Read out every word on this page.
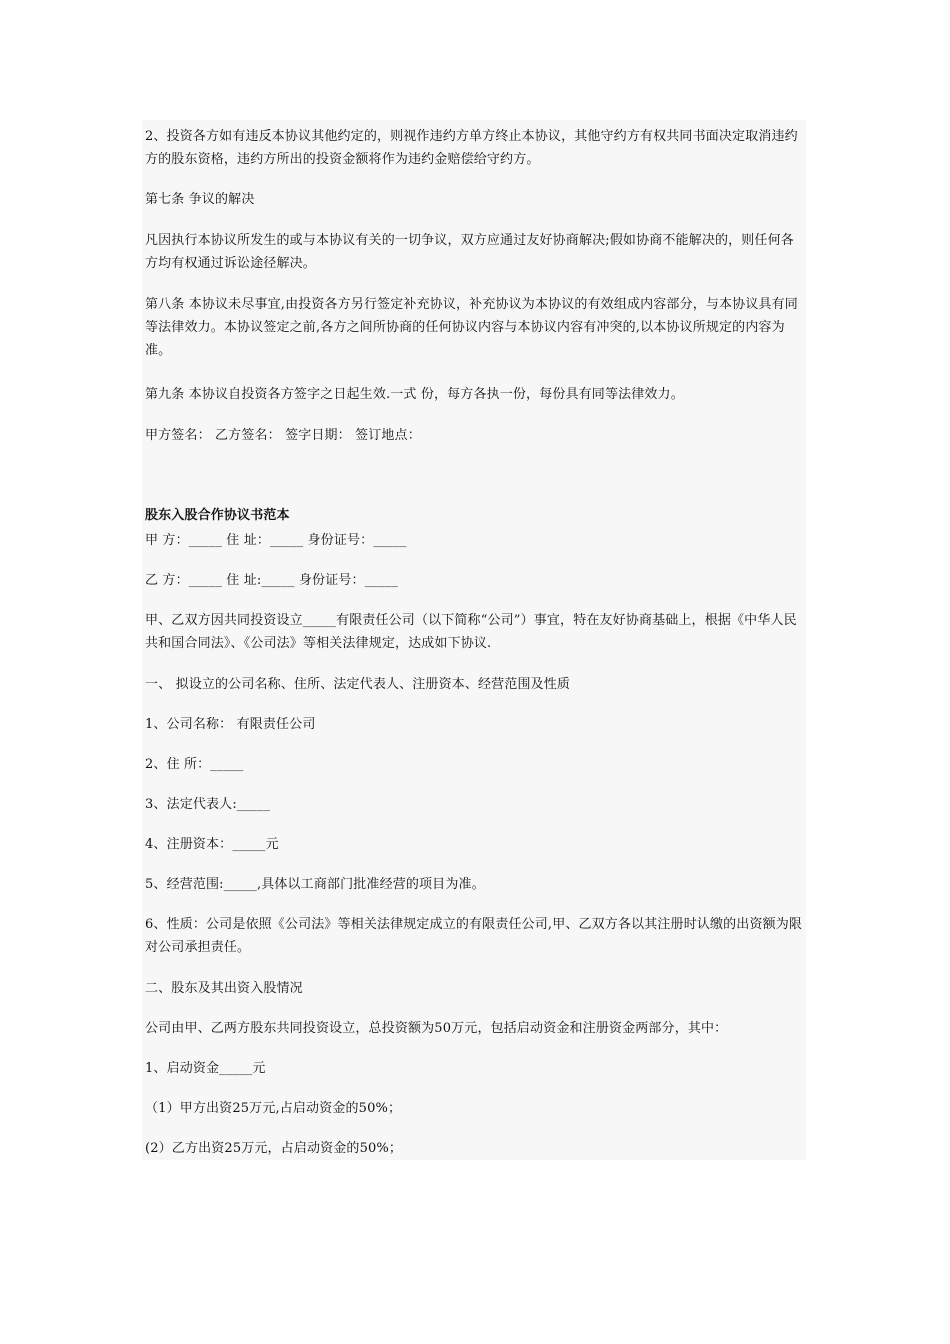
2、投资各方如有违反本协议其他约定的，则视作违约方单方终止本协议，其他守约方有权共同书面决定取消违约方的股东资格，违约方所出的投资金额将作为违约金赔偿给守约方。
第七条 争议的解决
凡因执行本协议所发生的或与本协议有关的一切争议，双方应通过友好协商解决;假如协商不能解决的，则任何各方均有权通过诉讼途径解决。
第八条 本协议未尽事宜,由投资各方另行签定补充协议，补充协议为本协议的有效组成内容部分，与本协议具有同等法律效力。本协议签定之前,各方之间所协商的任何协议内容与本协议内容有冲突的,以本协议所规定的内容为准。
第九条 本协议自投资各方签字之日起生效.一式 份，每方各执一份，每份具有同等法律效力。
甲方签名： 乙方签名： 签字日期： 签订地点：
股东入股合作协议书范本
甲 方：_____ 住 址：_____ 身份证号：_____
乙 方：_____ 住 址:_____ 身份证号：_____
甲、乙双方因共同投资设立_____有限责任公司（以下简称“公司”）事宜，特在友好协商基础上，根据《中华人民共和国合同法》、《公司法》等相关法律规定，达成如下协议.
一、 拟设立的公司名称、住所、法定代表人、注册资本、经营范围及性质
1、公司名称： 有限责任公司
2、住 所：_____
3、法定代表人:_____
4、注册资本：_____元
5、经营范围:_____,具体以工商部门批准经营的项目为准。
6、性质：公司是依照《公司法》等相关法律规定成立的有限责任公司,甲、乙双方各以其注册时认缴的出资额为限对公司承担责任。
二、股东及其出资入股情况
公司由甲、乙两方股东共同投资设立，总投资额为50万元，包括启动资金和注册资金两部分，其中：
1、启动资金_____元
（1）甲方出资25万元,占启动资金的50%；
(2）乙方出资25万元，占启动资金的50%；
